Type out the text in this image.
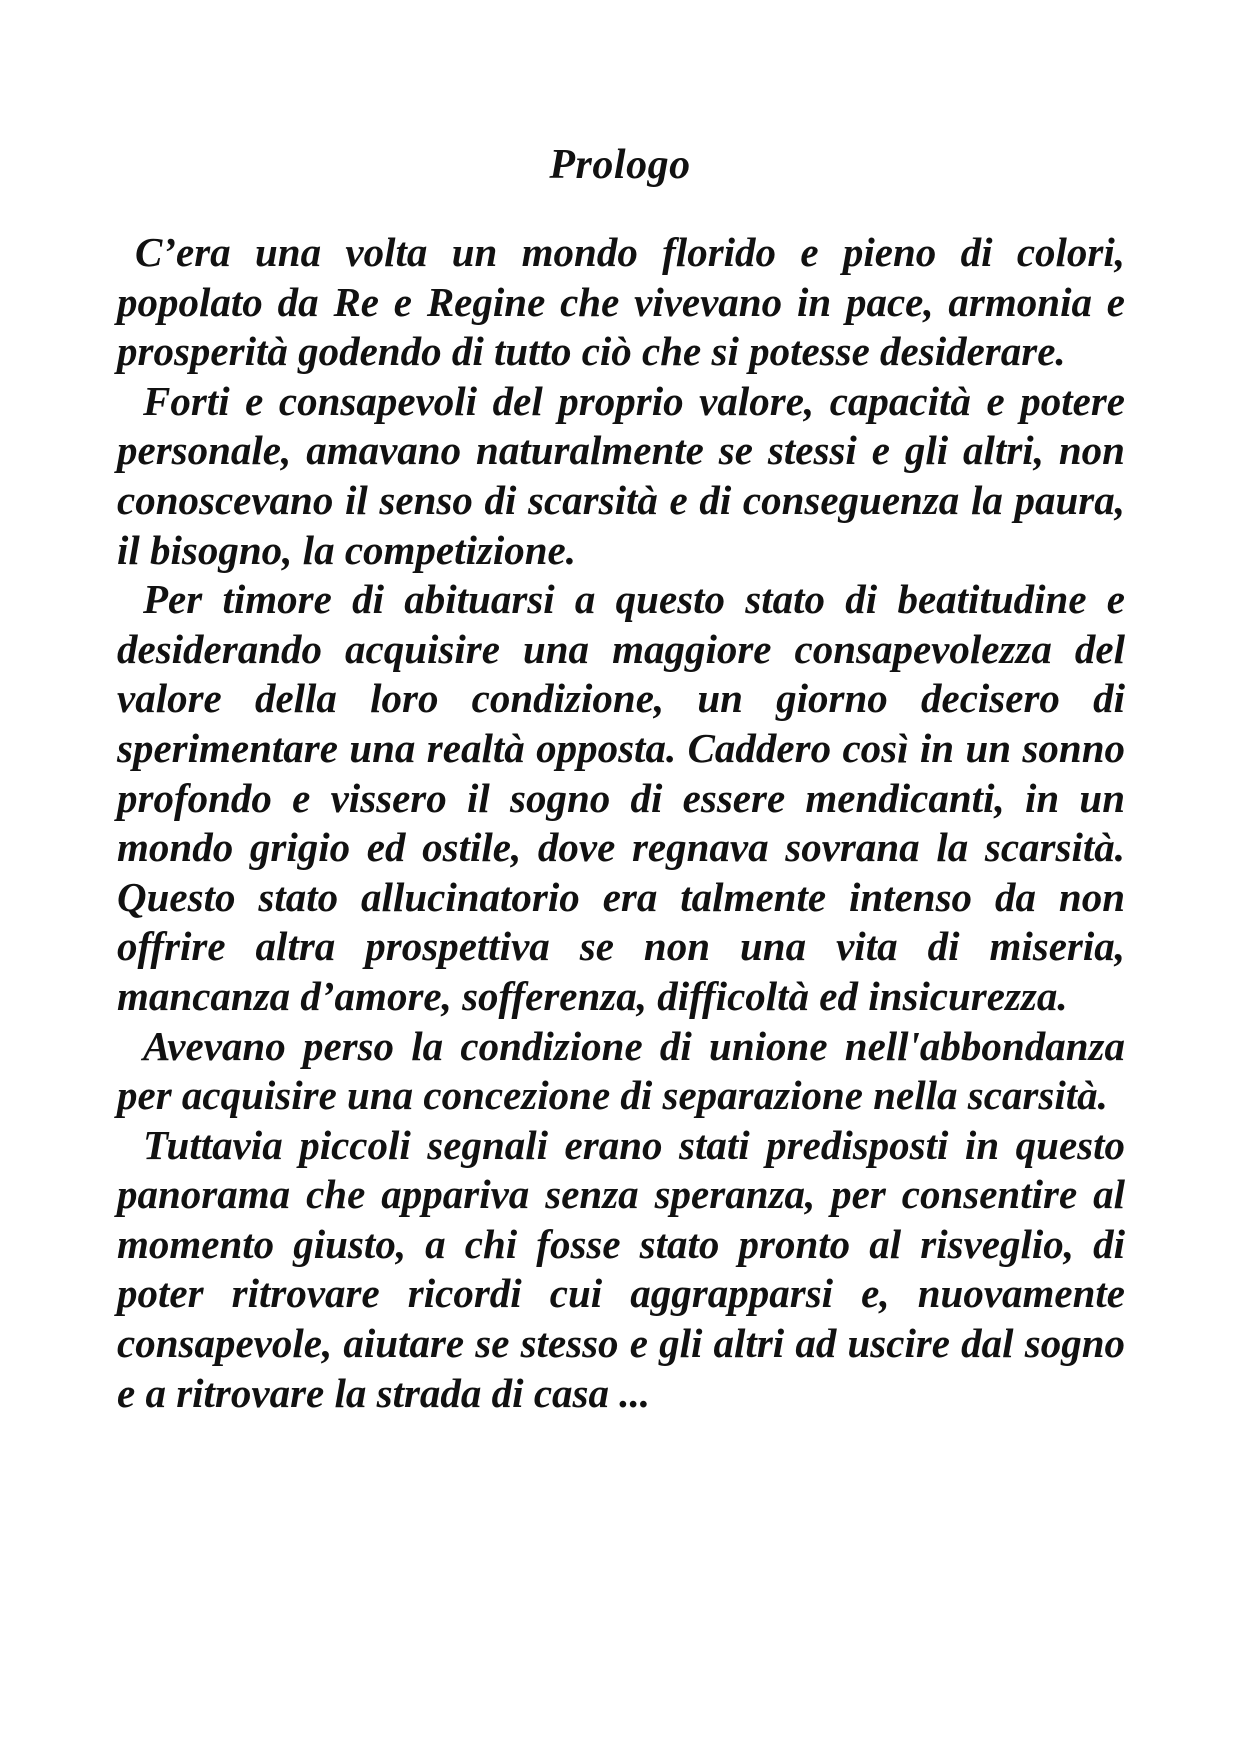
Prologo

C’era una volta un mondo florido e pieno di colori, popolato da Re e Regine che vivevano in pace, armonia e prosperità godendo di tutto ciò che si potesse desiderare.

Forti e consapevoli del proprio valore, capacità e potere personale, amavano naturalmente se stessi e gli altri, non conoscevano il senso di scarsità e di conseguenza la paura, il bisogno, la competizione.

Per timore di abituarsi a questo stato di beatitudine e desiderando acquisire una maggiore consapevolezza del valore della loro condizione, un giorno decisero di sperimentare una realtà opposta. Caddero così in un sonno profondo e vissero il sogno di essere mendicanti, in un mondo grigio ed ostile, dove regnava sovrana la scarsità. Questo stato allucinatorio era talmente intenso da non offrire altra prospettiva se non una vita di miseria, mancanza d’amore, sofferenza, difficoltà ed insicurezza.

Avevano perso la condizione di unione nell'abbondanza per acquisire una concezione di separazione nella scarsità.

Tuttavia piccoli segnali erano stati predisposti in questo panorama che appariva senza speranza, per consentire al momento giusto, a chi fosse stato pronto al risveglio, di poter ritrovare ricordi cui aggrapparsi e, nuovamente consapevole, aiutare se stesso e gli altri ad uscire dal sogno e a ritrovare la strada di casa ...
